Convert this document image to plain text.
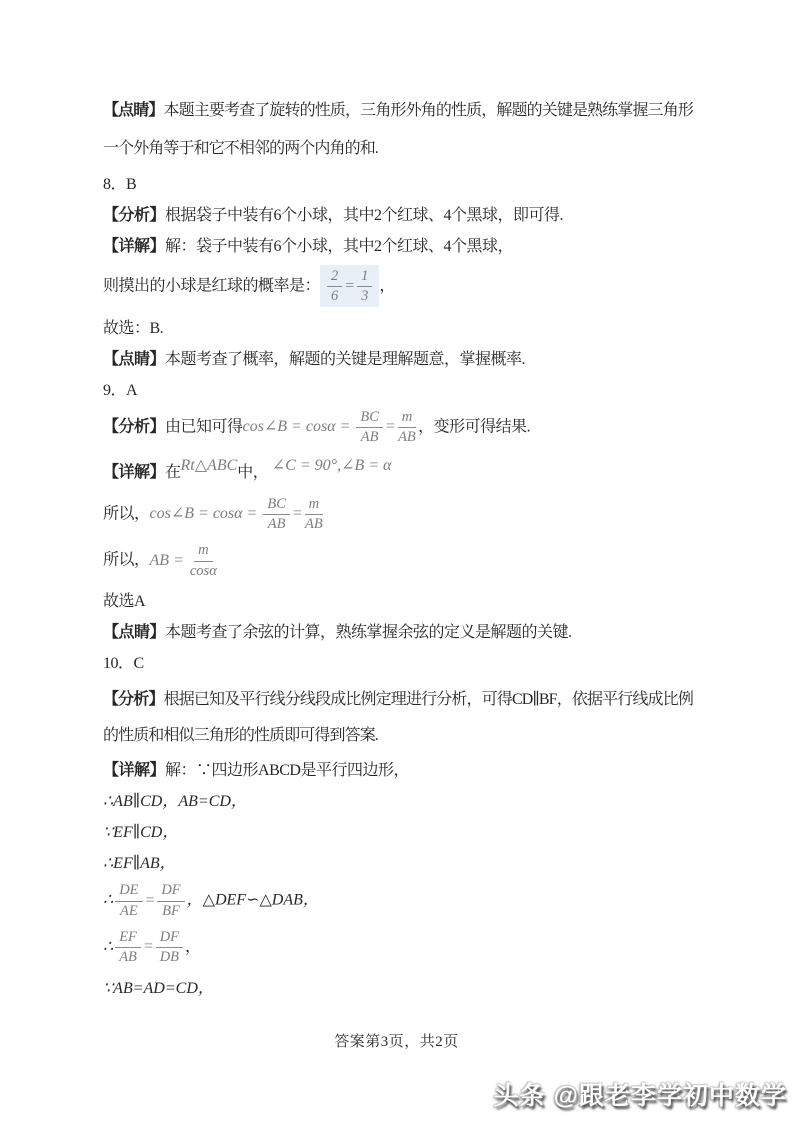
【点睛】本题主要考查了旋转的性质，三角形外角的性质，解题的关键是熟练掌握三角形一个外角等于和它不相邻的两个内角的和.

8．B

【分析】根据袋子中装有6个小球，其中2个红球、4个黑球，即可得.

【详解】解：袋子中装有6个小球，其中2个红球、4个黑球，

则摸出的小球是红球的概率是： $\frac{2}{6} = \frac{1}{3}$ ，

故选：B.

【点睛】本题考查了概率，解题的关键是理解题意，掌握概率.

9．A

【分析】由已知可得cos∠B = $\cos\alpha = \frac{BC}{AB} = \frac{m}{AB}$ ，变形可得结果.

【详解】在Rt△ABC中， ∠C = 90°,∠B = α

所以，cos∠B = $\cos\alpha = \frac{BC}{AB} = \frac{m}{AB}$
所以，AB = $\frac{m}{\cos\alpha}$

故选A

【点睛】本题考查了余弦的计算，熟练掌握余弦的定义是解题的关键.

10．C

【分析】根据已知及平行线分线段成比例定理进行分析，可得CD∥BF，依据平行线成比例的性质和相似三角形的性质即可得到答案.

【详解】解：∵四边形ABCD是平行四边形，

∴AB∥CD，AB=CD，

∵EF∥CD，

∴EF∥AB，

∴ $\frac{DE}{AE} = \frac{DF}{BF}$ ，△DEF∽△DAB，
∴ $\frac{EF}{AB} = \frac{DF}{DB}$ ，

∵AB=AD=CD，

答案第3页，共2页
头条 @跟老李学初中数学
